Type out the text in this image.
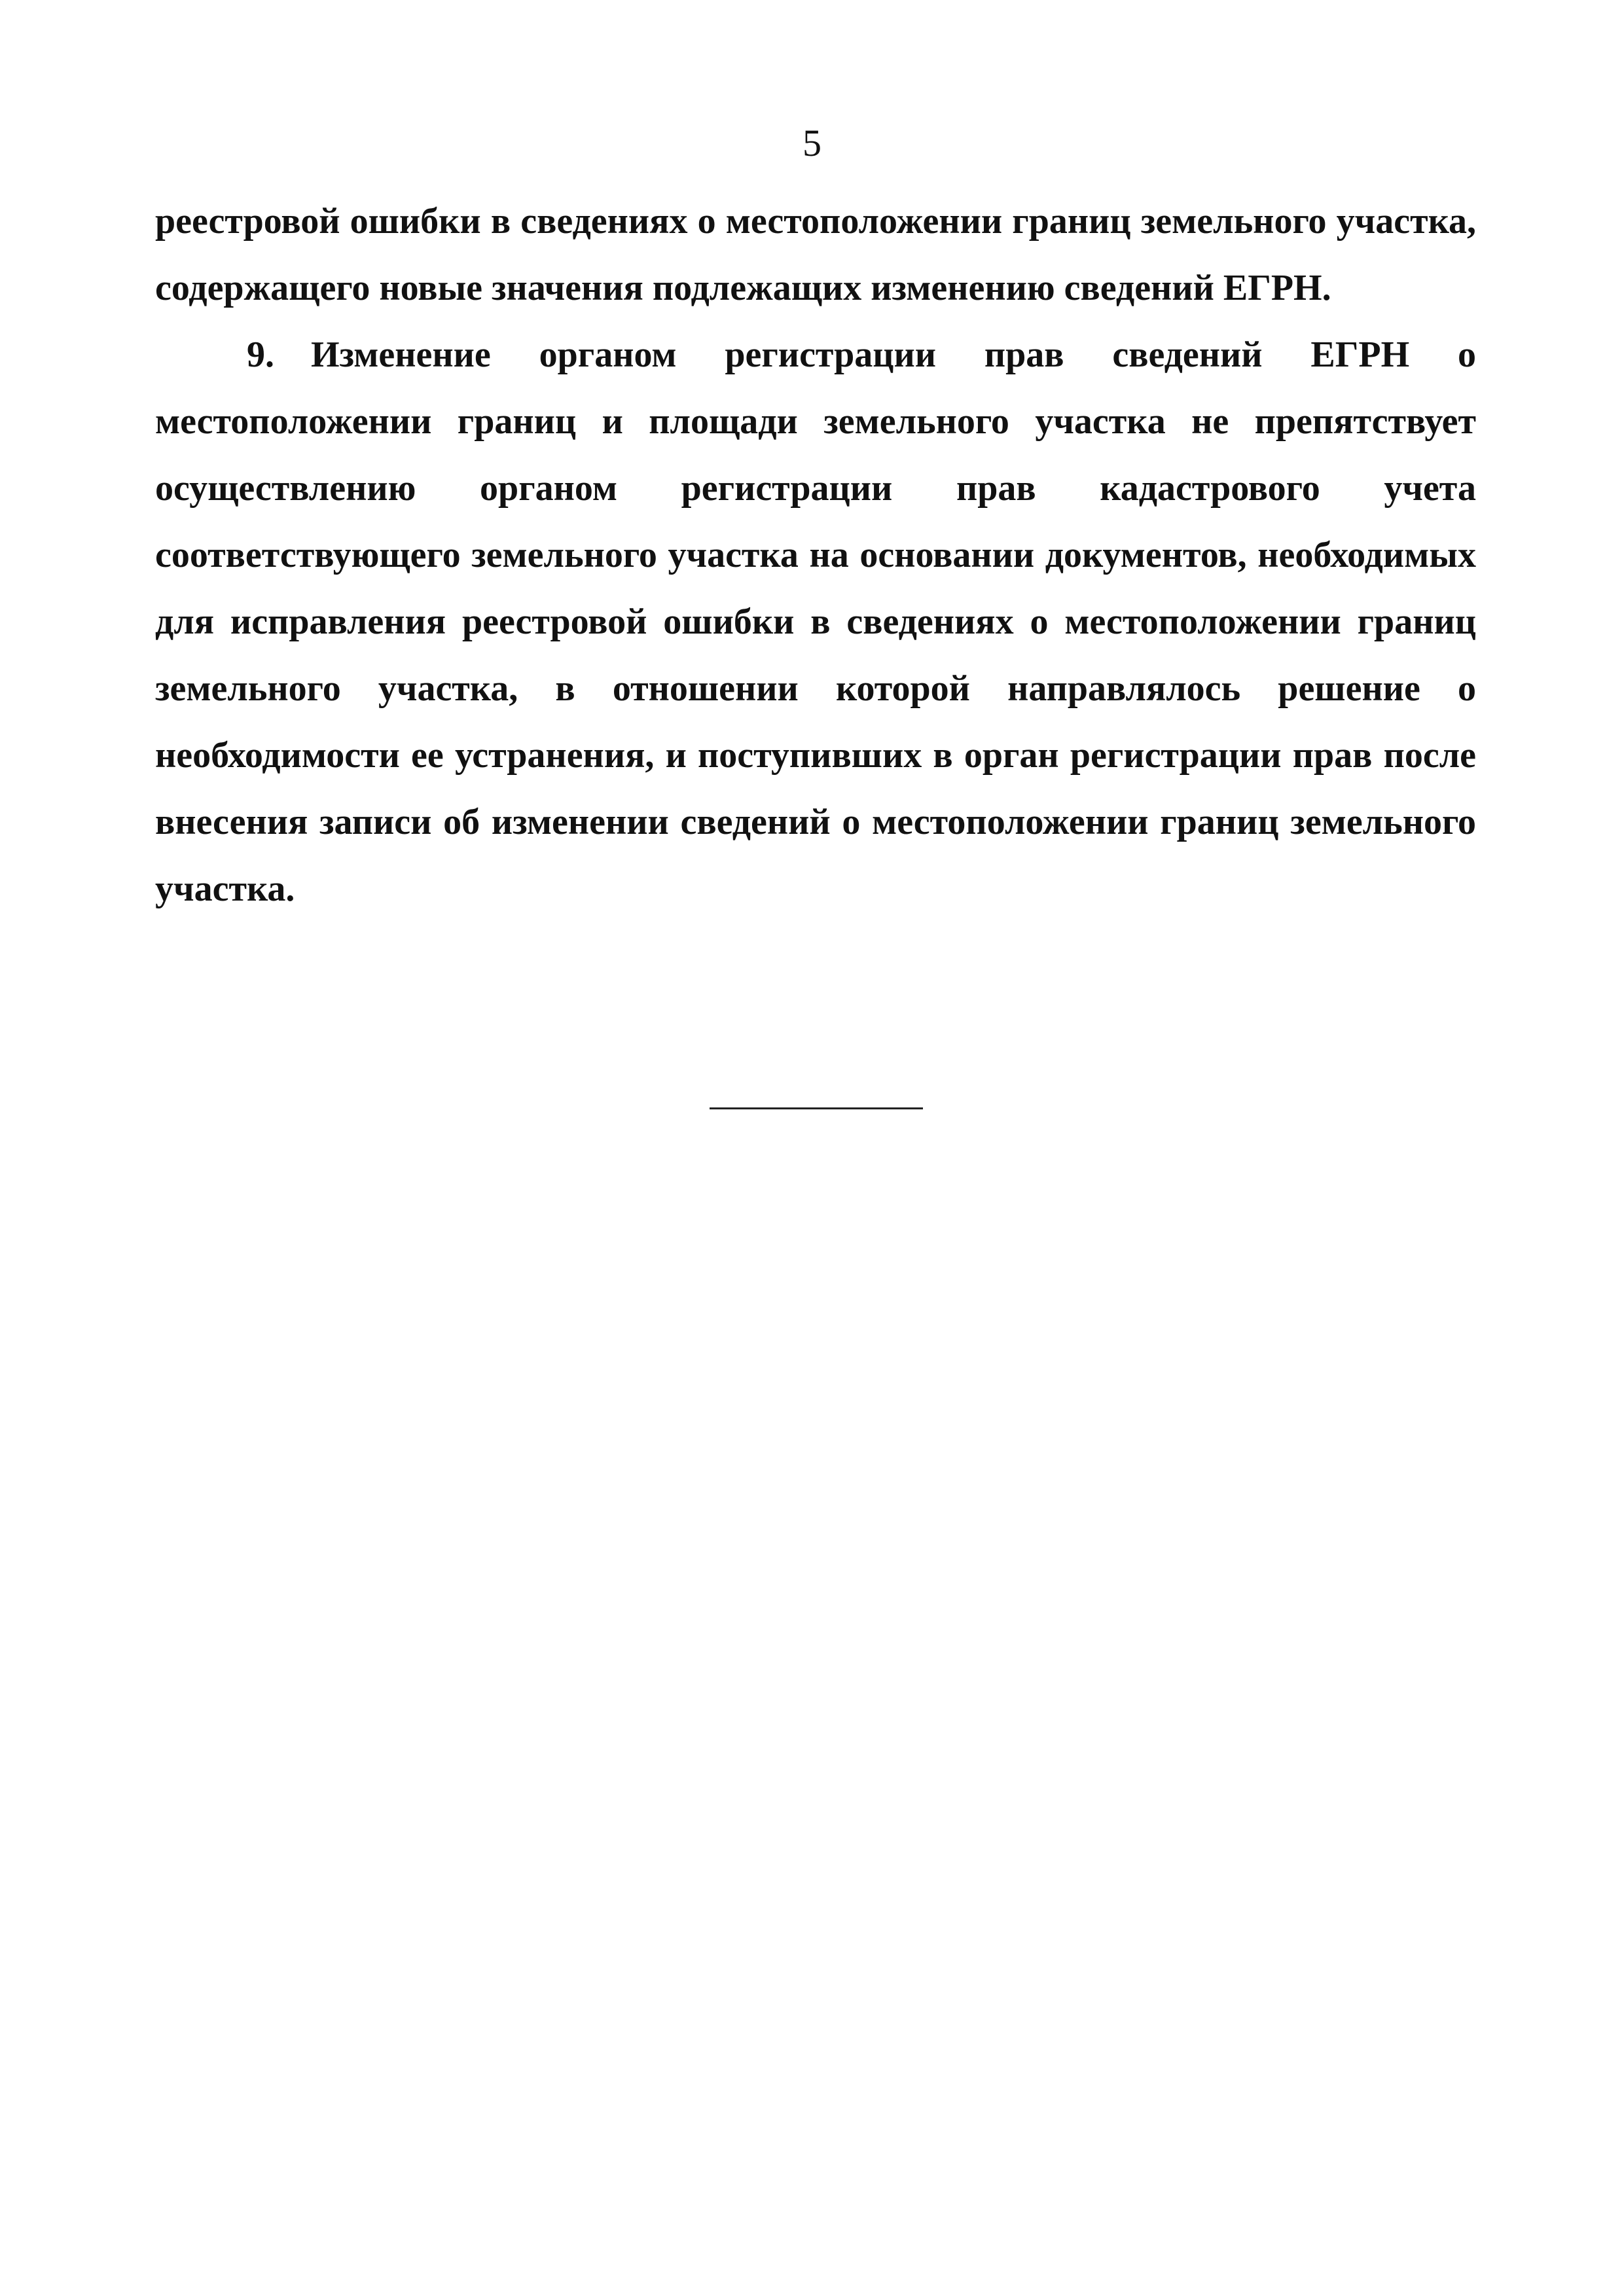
5

реестровой ошибки в сведениях о местоположении границ земельного участка, содержащего новые значения подлежащих изменению сведений ЕГРН.

9. Изменение органом регистрации прав сведений ЕГРН о местоположении границ и площади земельного участка не препятствует осуществлению органом регистрации прав кадастрового учета соответствующего земельного участка на основании документов, необходимых для исправления реестровой ошибки в сведениях о местоположении границ земельного участка, в отношении которой направлялось решение о необходимости ее устранения, и поступивших в орган регистрации прав после внесения записи об изменении сведений о местоположении границ земельного участка.
